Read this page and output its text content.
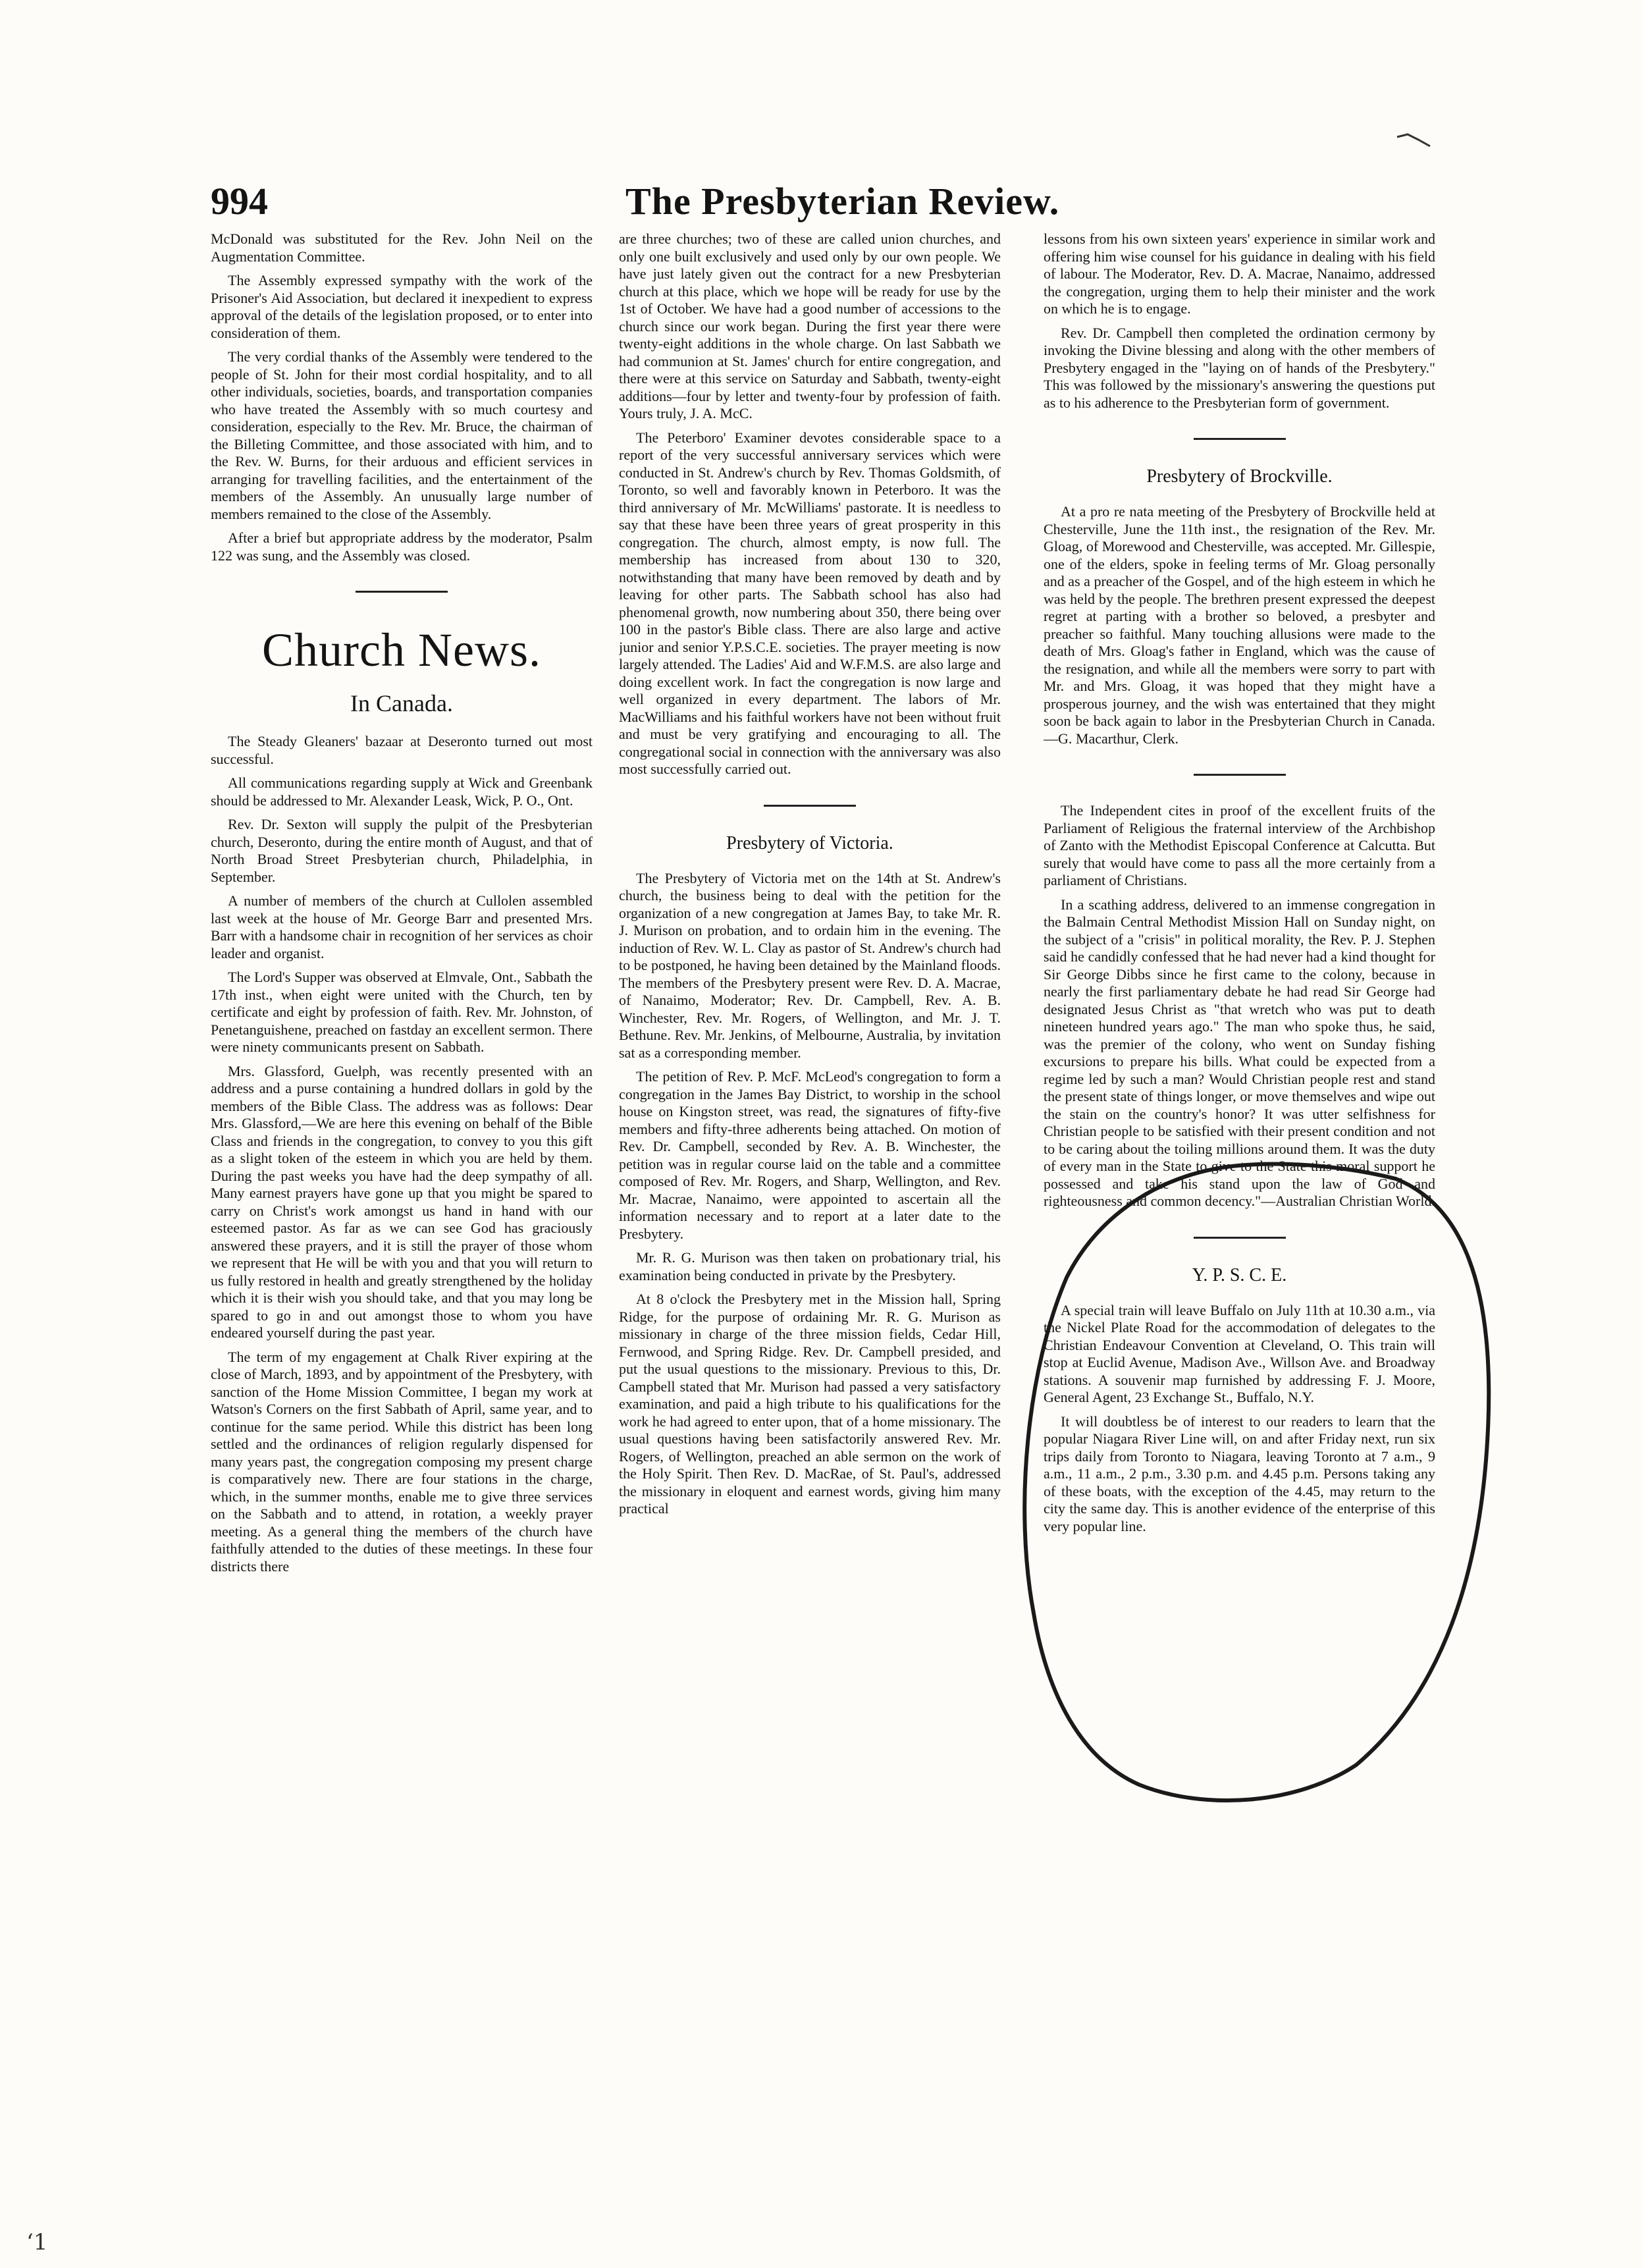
994	The Presbyterian Review.

McDonald was substituted for the Rev. John Neil on the Augmentation Committee.

The Assembly expressed sympathy with the work of the Prisoner's Aid Association, but declared it inexpedient to express approval of the details of the legislation proposed, or to enter into consideration of them.

The very cordial thanks of the Assembly were tendered to the people of St. John for their most cordial hospitality, and to all other individuals, societies, boards, and transportation companies who have treated the Assembly with so much courtesy and consideration, especially to the Rev. Mr. Bruce, the chairman of the Billeting Committee, and those associated with him, and to the Rev. W. Burns, for their arduous and efficient services in arranging for travelling facilities, and the entertainment of the members of the Assembly. An unusually large number of members remained to the close of the Assembly.

After a brief but appropriate address by the moderator, Psalm 122 was sung, and the Assembly was closed.

Church News.
In Canada.

The Steady Gleaners' bazaar at Deseronto turned out most successful.

All communications regarding supply at Wick and Greenbank should be addressed to Mr. Alexander Leask, Wick, P. O., Ont.

Rev. Dr. Sexton will supply the pulpit of the Presbyterian church, Deseronto, during the entire month of August, and that of North Broad Street Presbyterian church, Philadelphia, in September.

A number of members of the church at Cullolen assembled last week at the house of Mr. George Barr and presented Mrs. Barr with a handsome chair in recognition of her services as choir leader and organist.

The Lord's Supper was observed at Elmvale, Ont., Sabbath the 17th inst., when eight were united with the Church, ten by certificate and eight by profession of faith. Rev. Mr. Johnston, of Penetanguishene, preached on fastday an excellent sermon. There were ninety communicants present on Sabbath.

Mrs. Glassford, Guelph, was recently presented with an address and a purse containing a hundred dollars in gold by the members of the Bible Class. The address was as follows: Dear Mrs. Glassford,—We are here this evening on behalf of the Bible Class and friends in the congregation, to convey to you this gift as a slight token of the esteem in which you are held by them. During the past weeks you have had the deep sympathy of all. Many earnest prayers have gone up that you might be spared to carry on Christ's work amongst us hand in hand with our esteemed pastor. As far as we can see God has graciously answered these prayers, and it is still the prayer of those whom we represent that He will be with you and that you will return to us fully restored in health and greatly strengthened by the holiday which it is their wish you should take, and that you may long be spared to go in and out amongst those to whom you have endeared yourself during the past year.

The term of my engagement at Chalk River expiring at the close of March, 1893, and by appointment of the Presbytery, with sanction of the Home Mission Committee, I began my work at Watson's Corners on the first Sabbath of April, same year, and to continue for the same period. While this district has been long settled and the ordinances of religion regularly dispensed for many years past, the congregation composing my present charge is comparatively new. There are four stations in the charge, which, in the summer months, enable me to give three services on the Sabbath and to attend, in rotation, a weekly prayer meeting. As a general thing the members of the church have faithfully attended to the duties of these meetings. In these four districts there

are three churches; two of these are called union churches, and only one built exclusively and used only by our own people. We have just lately given out the contract for a new Presbyterian church at this place, which we hope will be ready for use by the 1st of October. We have had a good number of accessions to the church since our work began. During the first year there were twenty-eight additions in the whole charge. On last Sabbath we had communion at St. James' church for entire congregation, and there were at this service on Saturday and Sabbath, twenty-eight additions—four by letter and twenty-four by profession of faith. Yours truly, J. A. McC.

The Peterboro' Examiner devotes considerable space to a report of the very successful anniversary services which were conducted in St. Andrew's church by Rev. Thomas Goldsmith, of Toronto, so well and favorably known in Peterboro. It was the third anniversary of Mr. McWilliams' pastorate. It is needless to say that these have been three years of great prosperity in this congregation. The church, almost empty, is now full. The membership has increased from about 130 to 320, notwithstanding that many have been removed by death and by leaving for other parts. The Sabbath school has also had phenomenal growth, now numbering about 350, there being over 100 in the pastor's Bible class. There are also large and active junior and senior Y.P.S.C.E. societies. The prayer meeting is now largely attended. The Ladies' Aid and W.F.M.S. are also large and doing excellent work. In fact the congregation is now large and well organized in every department. The labors of Mr. MacWilliams and his faithful workers have not been without fruit and must be very gratifying and encouraging to all. The congregational social in connection with the anniversary was also most successfully carried out.

Presbytery of Victoria.

The Presbytery of Victoria met on the 14th at St. Andrew's church, the business being to deal with the petition for the organization of a new congregation at James Bay, to take Mr. R. J. Murison on probation, and to ordain him in the evening. The induction of Rev. W. L. Clay as pastor of St. Andrew's church had to be postponed, he having been detained by the Mainland floods. The members of the Presbytery present were Rev. D. A. Macrae, of Nanaimo, Moderator; Rev. Dr. Campbell, Rev. A. B. Winchester, Rev. Mr. Rogers, of Wellington, and Mr. J. T. Bethune. Rev. Mr. Jenkins, of Melbourne, Australia, by invitation sat as a corresponding member.

The petition of Rev. P. McF. McLeod's congregation to form a congregation in the James Bay District, to worship in the school house on Kingston street, was read, the signatures of fifty-five members and fifty-three adherents being attached. On motion of Rev. Dr. Campbell, seconded by Rev. A. B. Winchester, the petition was in regular course laid on the table and a committee composed of Rev. Mr. Rogers, and Sharp, Wellington, and Rev. Mr. Macrae, Nanaimo, were appointed to ascertain all the information necessary and to report at a later date to the Presbytery.

Mr. R. G. Murison was then taken on probationary trial, his examination being conducted in private by the Presbytery.

At 8 o'clock the Presbytery met in the Mission hall, Spring Ridge, for the purpose of ordaining Mr. R. G. Murison as missionary in charge of the three mission fields, Cedar Hill, Fernwood, and Spring Ridge. Rev. Dr. Campbell presided, and put the usual questions to the missionary. Previous to this, Dr. Campbell stated that Mr. Murison had passed a very satisfactory examination, and paid a high tribute to his qualifications for the work he had agreed to enter upon, that of a home missionary. The usual questions having been satisfactorily answered Rev. Mr. Rogers, of Wellington, preached an able sermon on the work of the Holy Spirit. Then Rev. D. MacRae, of St. Paul's, addressed the missionary in eloquent and earnest words, giving him many practical

lessons from his own sixteen years' experience in similar work and offering him wise counsel for his guidance in dealing with his field of labour. The Moderator, Rev. D. A. Macrae, Nanaimo, addressed the congregation, urging them to help their minister and the work on which he is to engage.

Rev. Dr. Campbell then completed the ordination cermony by invoking the Divine blessing and along with the other members of Presbytery engaged in the "laying on of hands of the Presbytery." This was followed by the missionary's answering the questions put as to his adherence to the Presbyterian form of government.

Presbytery of Brockville.

At a pro re nata meeting of the Presbytery of Brockville held at Chesterville, June the 11th inst., the resignation of the Rev. Mr. Gloag, of Morewood and Chesterville, was accepted. Mr. Gillespie, one of the elders, spoke in feeling terms of Mr. Gloag personally and as a preacher of the Gospel, and of the high esteem in which he was held by the people. The brethren present expressed the deepest regret at parting with a brother so beloved, a presbyter and preacher so faithful. Many touching allusions were made to the death of Mrs. Gloag's father in England, which was the cause of the resignation, and while all the members were sorry to part with Mr. and Mrs. Gloag, it was hoped that they might have a prosperous journey, and the wish was entertained that they might soon be back again to labor in the Presbyterian Church in Canada.—G. Macarthur, Clerk.

The Independent cites in proof of the excellent fruits of the Parliament of Religious the fraternal interview of the Archbishop of Zanto with the Methodist Episcopal Conference at Calcutta. But surely that would have come to pass all the more certainly from a parliament of Christians.

In a scathing address, delivered to an immense congregation in the Balmain Central Methodist Mission Hall on Sunday night, on the subject of a "crisis" in political morality, the Rev. P. J. Stephen said he candidly confessed that he had never had a kind thought for Sir George Dibbs since he first came to the colony, because in nearly the first parliamentary debate he had read Sir George had designated Jesus Christ as "that wretch who was put to death nineteen hundred years ago." The man who spoke thus, he said, was the premier of the colony, who went on Sunday fishing excursions to prepare his bills. What could be expected from a regime led by such a man? Would Christian people rest and stand the present state of things longer, or move themselves and wipe out the stain on the country's honor? It was utter selfishness for Christian people to be satisfied with their present condition and not to be caring about the toiling millions around them. It was the duty of every man in the State to give to the State this moral support he possessed and take his stand upon the law of God and righteousness and common decency."—Australian Christian World.

Y. P. S. C. E.

A special train will leave Buffalo on July 11th at 10.30 a.m., via the Nickel Plate Road for the accommodation of delegates to the Christian Endeavour Convention at Cleveland, O. This train will stop at Euclid Avenue, Madison Ave., Willson Ave. and Broadway stations. A souvenir map furnished by addressing F. J. Moore, General Agent, 23 Exchange St., Buffalo, N.Y.

It will doubtless be of interest to our readers to learn that the popular Niagara River Line will, on and after Friday next, run six trips daily from Toronto to Niagara, leaving Toronto at 7 a.m., 9 a.m., 11 a.m., 2 p.m., 3.30 p.m. and 4.45 p.m. Persons taking any of these boats, with the exception of the 4.45, may return to the city the same day. This is another evidence of the enterprise of this very popular line.

ʻ1
